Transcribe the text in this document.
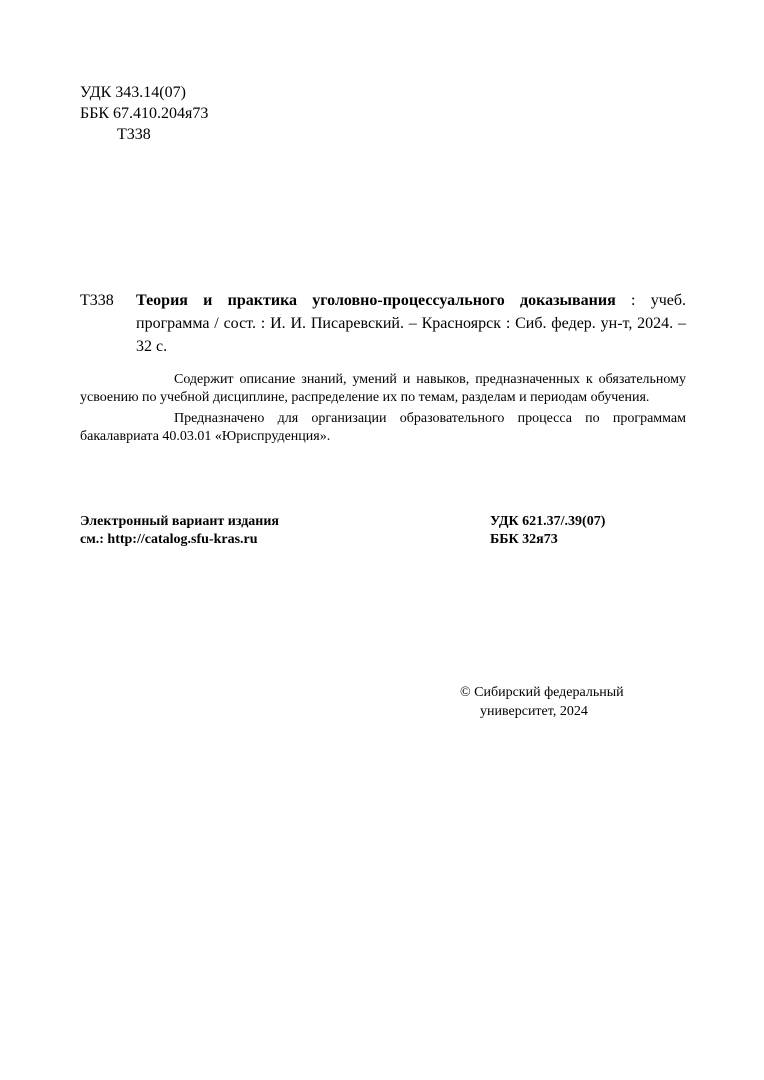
УДК 343.14(07)
ББК 67.410.204я73
Т338
Т338 Теория и практика уголовно-процессуального доказывания : учеб. программа / сост. : И. И. Писаревский. – Красноярск : Сиб. федер. ун-т, 2024. – 32 с.

Содержит описание знаний, умений и навыков, предназначенных к обязательному усвоению по учебной дисциплине, распределение их по темам, разделам и периодам обучения.

Предназначено для организации образовательного процесса по программам бакалавриата 40.03.01 «Юриспруденция».

Электронный вариант издания
см.: http://catalog.sfu-kras.ru
УДК 621.37/.39(07)
ББК 32я73
© Сибирский федеральный
университет, 2024
